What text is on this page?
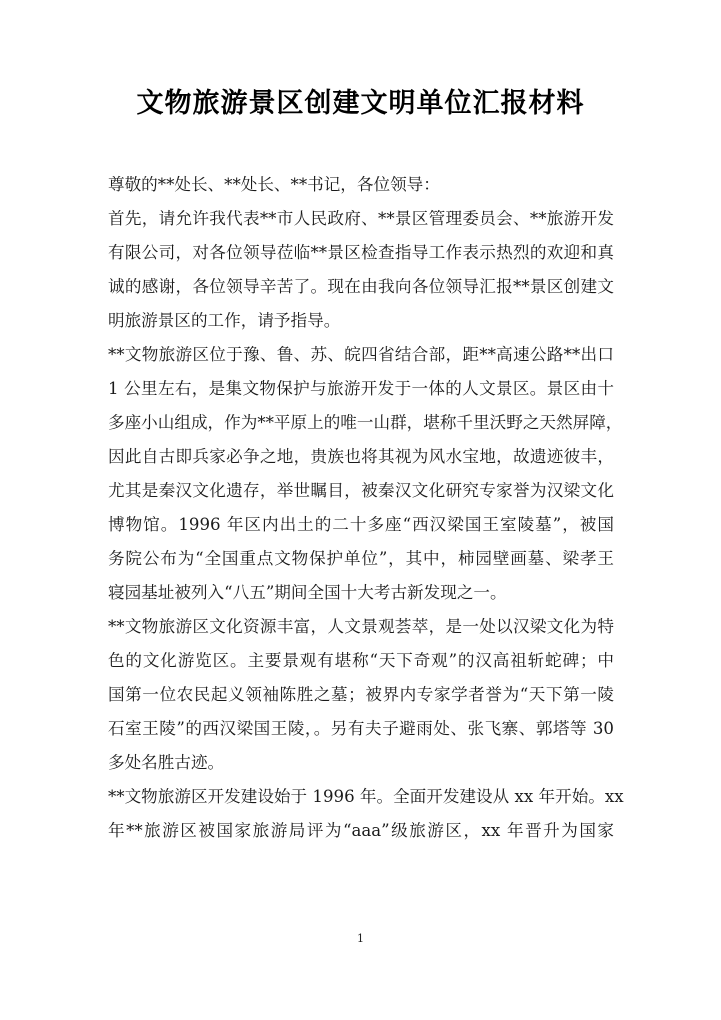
文物旅游景区创建文明单位汇报材料
尊敬的**处长、**处长、**书记，各位领导：
首先，请允许我代表**市人民政府、**景区管理委员会、**旅游开发
有限公司，对各位领导莅临**景区检查指导工作表示热烈的欢迎和真
诚的感谢，各位领导辛苦了。现在由我向各位领导汇报**景区创建文
明旅游景区的工作，请予指导。
**文物旅游区位于豫、鲁、苏、皖四省结合部，距**高速公路**出口
1 公里左右，是集文物保护与旅游开发于一体的人文景区。景区由十
多座小山组成，作为**平原上的唯一山群，堪称千里沃野之天然屏障，
因此自古即兵家必争之地，贵族也将其视为风水宝地，故遗迹彼丰，
尤其是秦汉文化遗存，举世瞩目，被秦汉文化研究专家誉为汉梁文化
博物馆。1996 年区内出土的二十多座“西汉梁国王室陵墓”，被国
务院公布为“全国重点文物保护单位”，其中，柿园壁画墓、梁孝王
寝园基址被列入“八五”期间全国十大考古新发现之一。
**文物旅游区文化资源丰富，人文景观荟萃，是一处以汉梁文化为特
色的文化游览区。主要景观有堪称“天下奇观”的汉高祖斩蛇碑；中
国第一位农民起义领袖陈胜之墓；被界内专家学者誉为“天下第一陵
石室王陵”的西汉梁国王陵，。另有夫子避雨处、张飞寨、郭塔等 30
多处名胜古迹。
**文物旅游区开发建设始于 1996 年。全面开发建设从 xx 年开始。xx
年**旅游区被国家旅游局评为“aaa”级旅游区，xx 年晋升为国家
1
